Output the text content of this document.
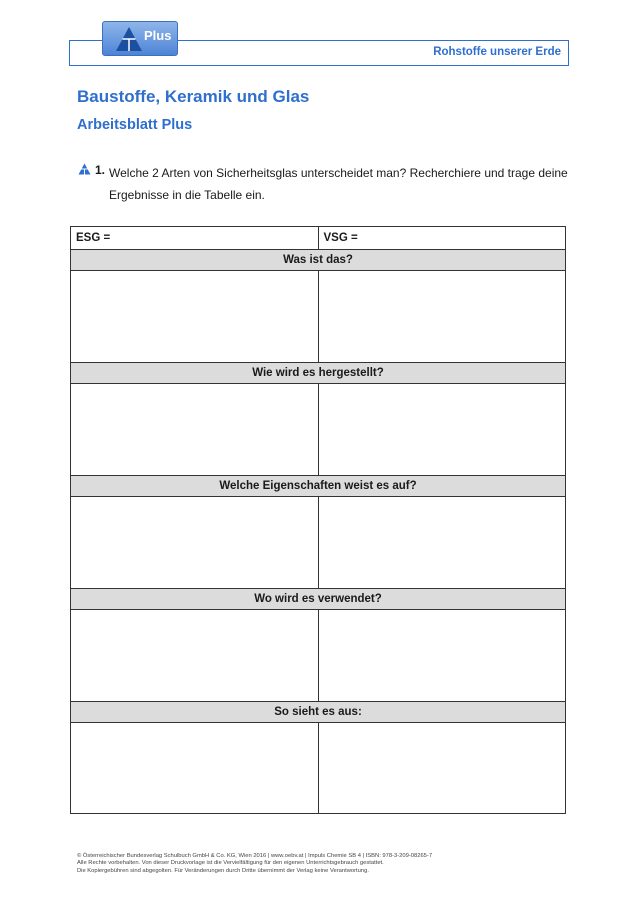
Rohstoffe unserer Erde
Plus
Baustoffe, Keramik und Glas
Arbeitsblatt Plus
1. Welche 2 Arten von Sicherheitsglas unterscheidet man? Recherchiere und trage deine Ergebnisse in die Tabelle ein.
ESG =	VSG =
Was ist das?	

Wie wird es hergestellt?	

Welche Eigenschaften weist es auf?	

Wo wird es verwendet?	

So sieht es aus:	

© Österreichischer Bundesverlag Schulbuch GmbH & Co. KG, Wien 2016 | www.oebv.at | Impuls Chemie SB 4 | ISBN: 978-3-209-08265-7
Alle Rechte vorbehalten. Von dieser Druckvorlage ist die Vervielfältigung für den eigenen Unterrichtsgebrauch gestattet.
Die Kopiergebühren sind abgegolten. Für Veränderungen durch Dritte übernimmt der Verlag keine Verantwortung.
